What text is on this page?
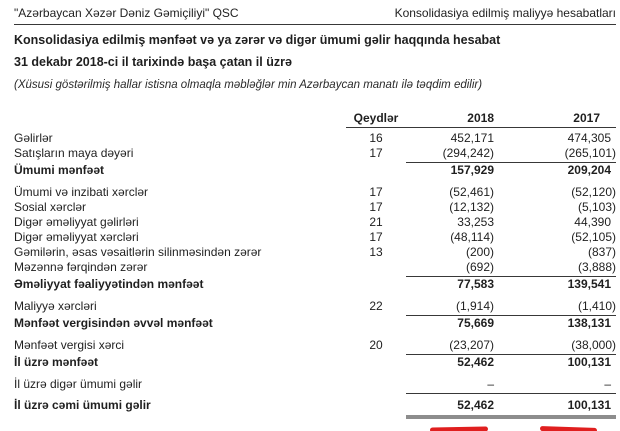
"Azərbaycan Xəzər Dəniz Gəmiçiliyi" QSC	Konsolidasiya edilmiş maliyyə hesabatları
Konsolidasiya edilmiş mənfəət və ya zərər və digər ümumi gəlir haqqında hesabat
31 dekabr 2018-ci il tarixində başa çatan il üzrə
(Xüsusi göstərilmiş hallar istisna olmaqla məbləğlər min Azərbaycan manatı ilə təqdim edilir)
Qeydlər	2018	2017
Gəlirlər	16	452,171	474,305
Satışların maya dəyəri	17	(294,242)	(265,101)
Ümumi mənfəət	157,929	209,204
Ümumi və inzibati xərclər	17	(52,461)	(52,120)
Sosial xərclər	17	(12,132)	(5,103)
Digər əməliyyat gəlirləri	21	33,253	44,390
Digər əməliyyat xərcləri	17	(48,114)	(52,105)
Gəmilərin, əsas vəsaitlərin silinməsindən zərər	13	(200)	(837)
Məzənnə fərqindən zərər	(692)	(3,888)
Əməliyyat fəaliyyətindən mənfəət	77,583	139,541
Maliyyə xərcləri	22	(1,914)	(1,410)
Mənfəət vergisindən əvvəl mənfəət	75,669	138,131
Mənfəət vergisi xərci	20	(23,207)	(38,000)
İl üzrə mənfəət	52,462	100,131
İl üzrə digər ümumi gəlir	–	–
İl üzrə cəmi ümumi gəlir	52,462	100,131
